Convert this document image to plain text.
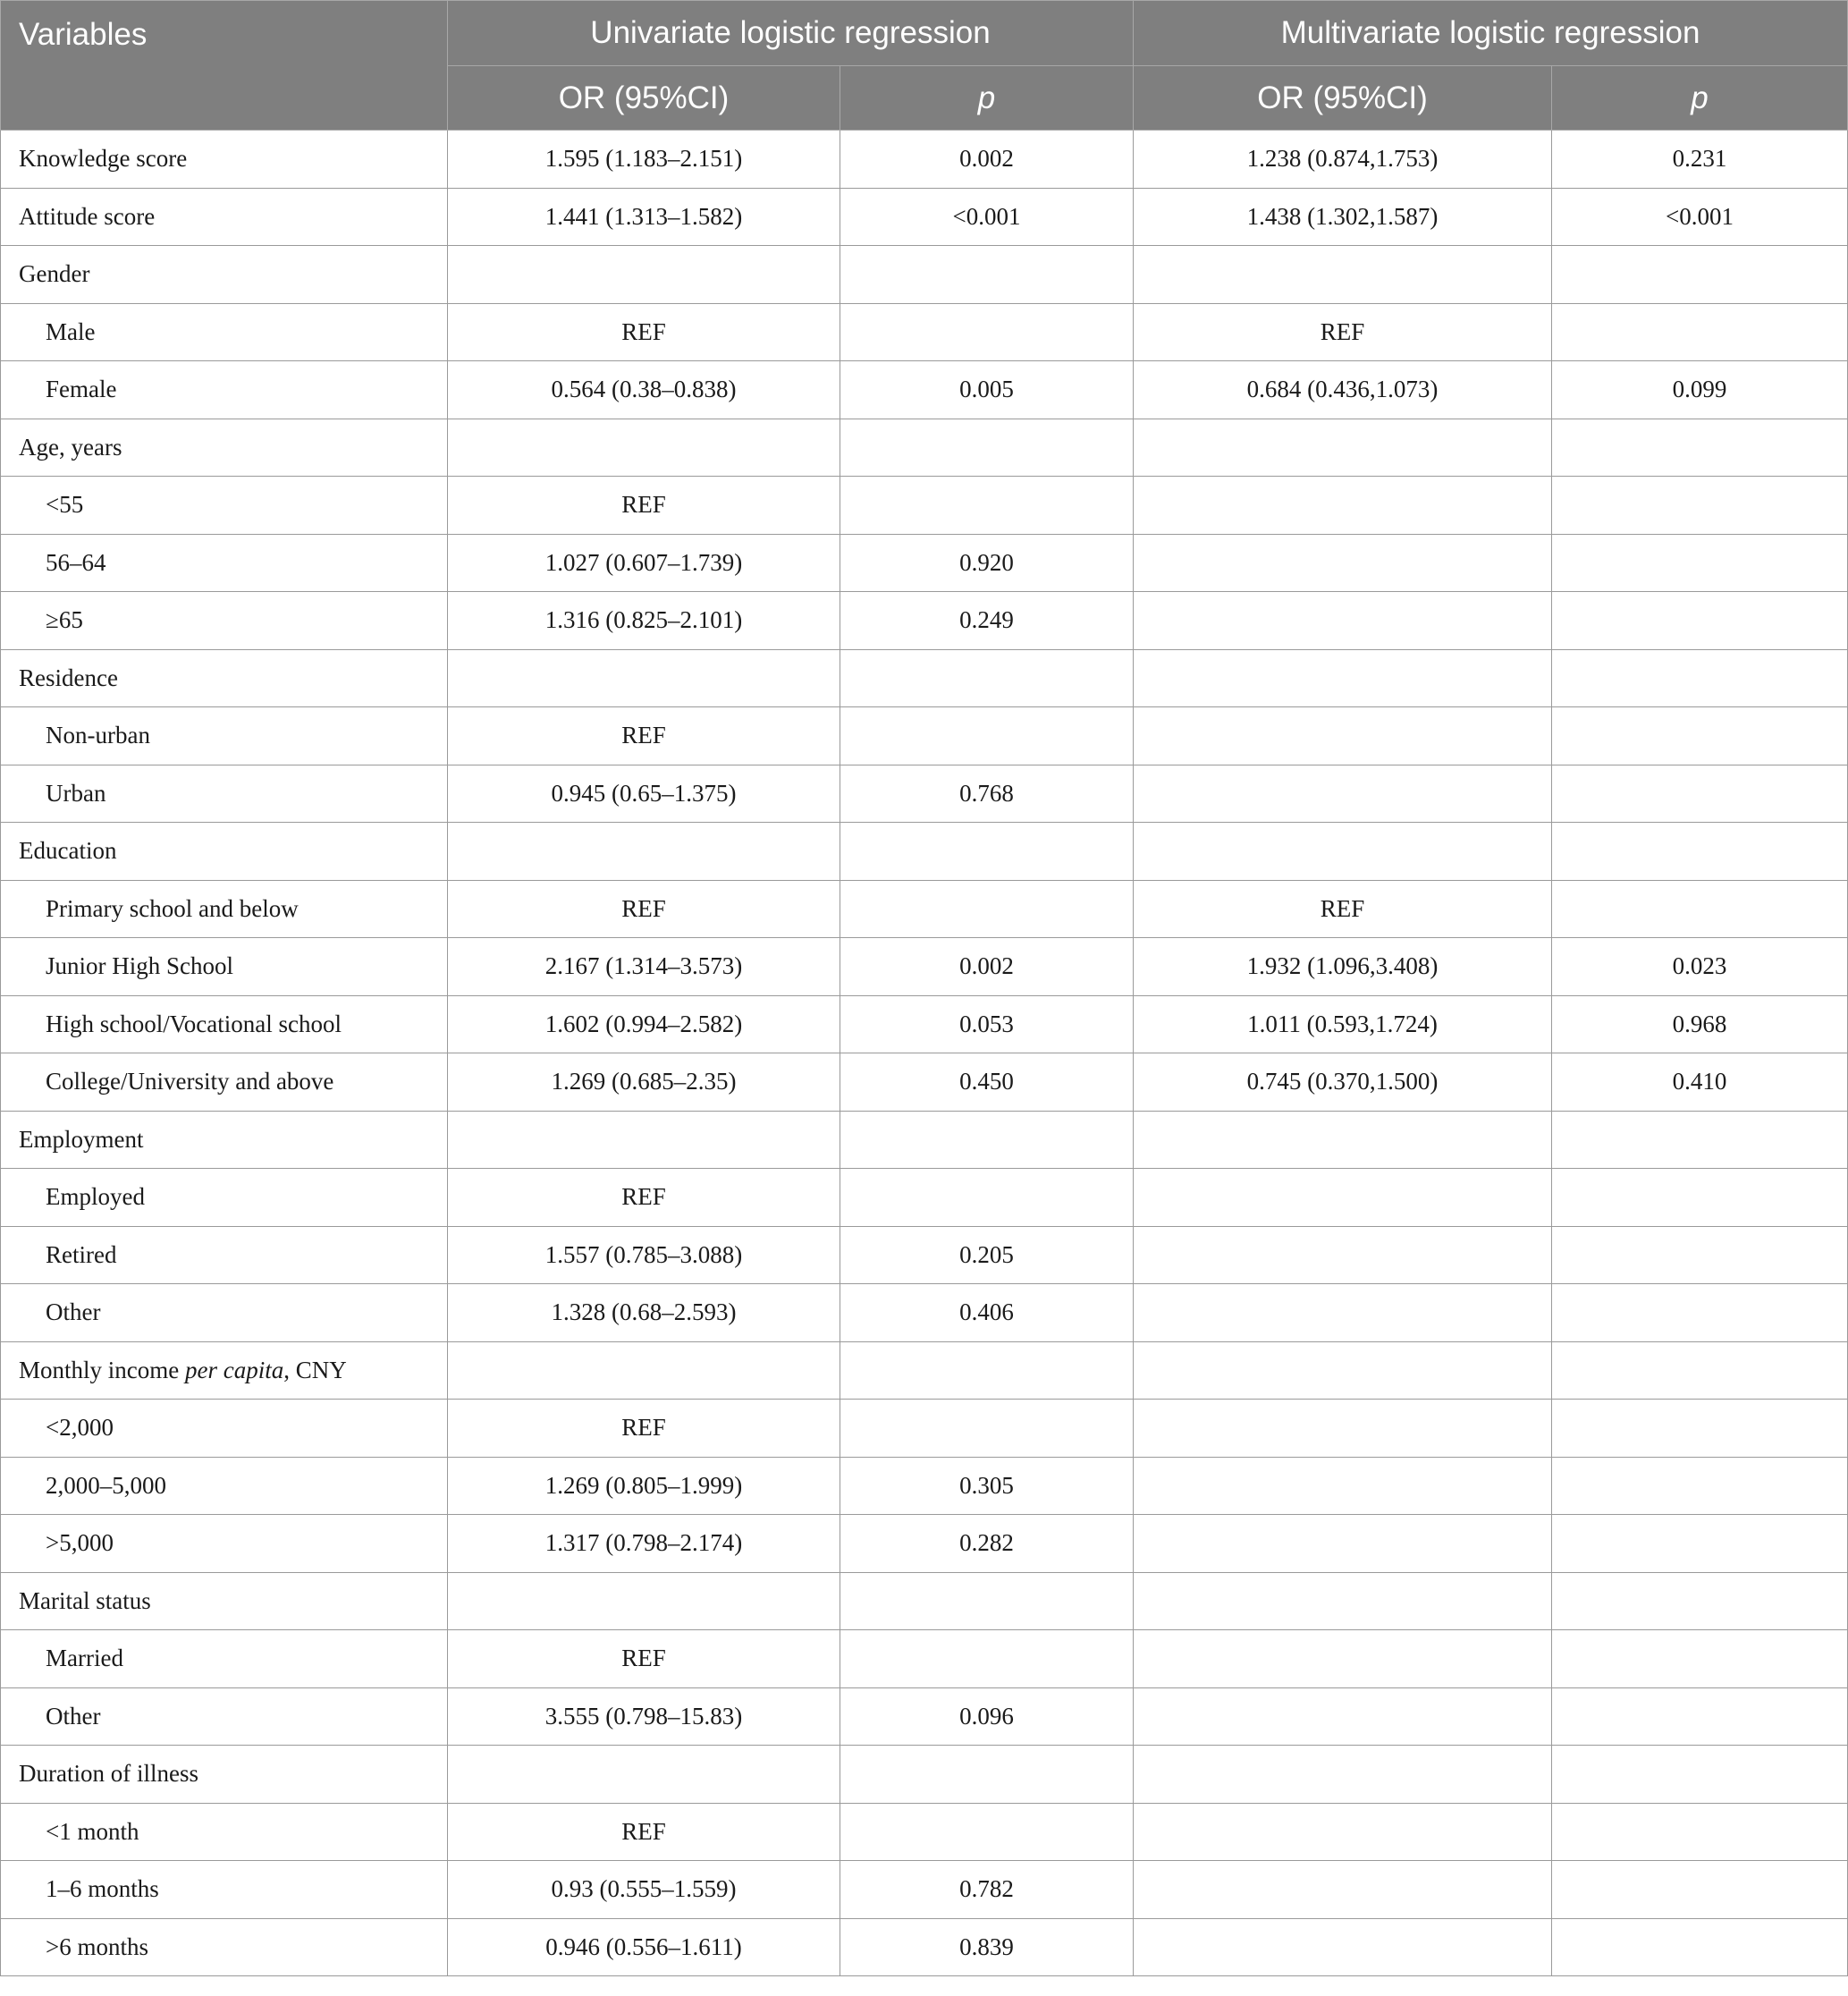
Variables	Univariate logistic regression		Multivariate logistic regression	
	OR (95%CI)	p	OR (95%CI)	p
Knowledge score	1.595 (1.183–2.151)	0.002	1.238 (0.874,1.753)	0.231
Attitude score	1.441 (1.313–1.582)	<0.001	1.438 (1.302,1.587)	<0.001
Gender				
Male	REF		REF	
Female	0.564 (0.38–0.838)	0.005	0.684 (0.436,1.073)	0.099
Age, years				
<55	REF			
56–64	1.027 (0.607–1.739)	0.920		
≥65	1.316 (0.825–2.101)	0.249		
Residence				
Non-urban	REF			
Urban	0.945 (0.65–1.375)	0.768		
Education				
Primary school and below	REF		REF	
Junior High School	2.167 (1.314–3.573)	0.002	1.932 (1.096,3.408)	0.023
High school/Vocational school	1.602 (0.994–2.582)	0.053	1.011 (0.593,1.724)	0.968
College/University and above	1.269 (0.685–2.35)	0.450	0.745 (0.370,1.500)	0.410
Employment				
Employed	REF			
Retired	1.557 (0.785–3.088)	0.205		
Other	1.328 (0.68–2.593)	0.406		
Monthly income per capita, CNY				
<2,000	REF			
2,000–5,000	1.269 (0.805–1.999)	0.305		
>5,000	1.317 (0.798–2.174)	0.282		
Marital status				
Married	REF			
Other	3.555 (0.798–15.83)	0.096		
Duration of illness				
<1 month	REF			
1–6 months	0.93 (0.555–1.559)	0.782		
>6 months	0.946 (0.556–1.611)	0.839		
